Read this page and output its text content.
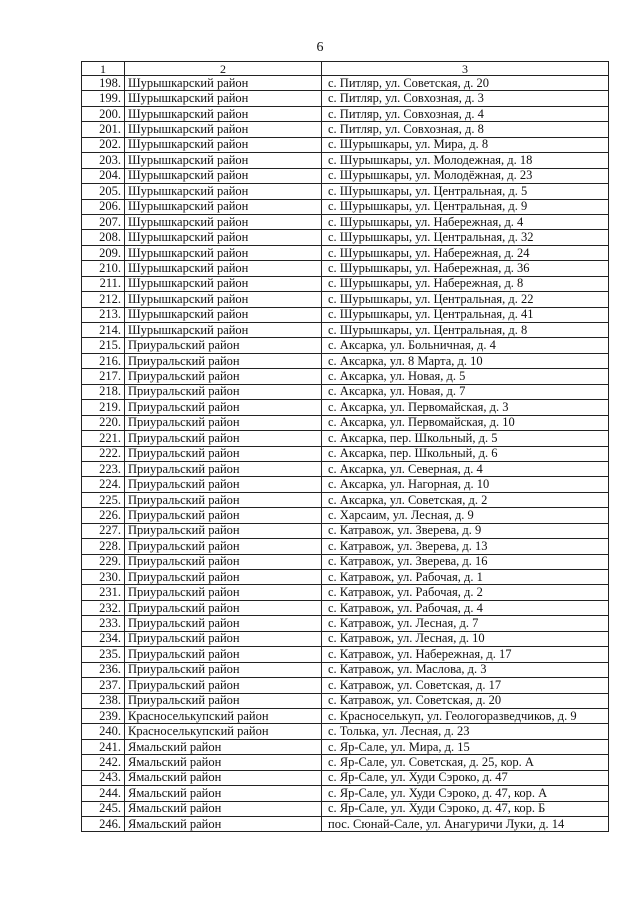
6
1	2	3
198.	Шурышкарский район	с. Питляр, ул. Советская, д. 20
199.	Шурышкарский район	с. Питляр, ул. Совхозная, д. 3
200.	Шурышкарский район	с. Питляр, ул. Совхозная, д. 4
201.	Шурышкарский район	с. Питляр, ул. Совхозная, д. 8
202.	Шурышкарский район	с. Шурышкары, ул. Мира, д. 8
203.	Шурышкарский район	с. Шурышкары, ул. Молодежная, д. 18
204.	Шурышкарский район	с. Шурышкары, ул. Молодёжная, д. 23
205.	Шурышкарский район	с. Шурышкары, ул. Центральная, д. 5
206.	Шурышкарский район	с. Шурышкары, ул. Центральная, д. 9
207.	Шурышкарский район	с. Шурышкары, ул. Набережная, д. 4
208.	Шурышкарский район	с. Шурышкары, ул. Центральная, д. 32
209.	Шурышкарский район	с. Шурышкары, ул. Набережная, д. 24
210.	Шурышкарский район	с. Шурышкары, ул. Набережная, д. 36
211.	Шурышкарский район	с. Шурышкары, ул. Набережная, д. 8
212.	Шурышкарский район	с. Шурышкары, ул. Центральная, д. 22
213.	Шурышкарский район	с. Шурышкары, ул. Центральная, д. 41
214.	Шурышкарский район	с. Шурышкары, ул. Центральная, д. 8
215.	Приуральский район	с. Аксарка, ул. Больничная, д. 4
216.	Приуральский район	с. Аксарка, ул. 8 Марта, д. 10
217.	Приуральский район	с. Аксарка, ул. Новая, д. 5
218.	Приуральский район	с. Аксарка, ул. Новая, д. 7
219.	Приуральский район	с. Аксарка, ул. Первомайская, д. 3
220.	Приуральский район	с. Аксарка, ул. Первомайская, д. 10
221.	Приуральский район	с. Аксарка, пер. Школьный, д. 5
222.	Приуральский район	с. Аксарка, пер. Школьный, д. 6
223.	Приуральский район	с. Аксарка, ул. Северная, д. 4
224.	Приуральский район	с. Аксарка, ул. Нагорная, д. 10
225.	Приуральский район	с. Аксарка, ул. Советская, д. 2
226.	Приуральский район	с. Харсаим, ул. Лесная, д. 9
227.	Приуральский район	с. Катравож, ул. Зверева, д. 9
228.	Приуральский район	с. Катравож, ул. Зверева, д. 13
229.	Приуральский район	с. Катравож, ул. Зверева, д. 16
230.	Приуральский район	с. Катравож, ул. Рабочая, д. 1
231.	Приуральский район	с. Катравож, ул. Рабочая, д. 2
232.	Приуральский район	с. Катравож, ул. Рабочая, д. 4
233.	Приуральский район	с. Катравож, ул. Лесная, д. 7
234.	Приуральский район	с. Катравож, ул. Лесная, д. 10
235.	Приуральский район	с. Катравож, ул. Набережная, д. 17
236.	Приуральский район	с. Катравож, ул. Маслова, д. 3
237.	Приуральский район	с. Катравож, ул. Советская, д. 17
238.	Приуральский район	с. Катравож, ул. Советская, д. 20
239.	Красноселькупский район	с. Красноселькуп, ул. Геологоразведчиков, д. 9
240.	Красноселькупский район	с. Толька, ул. Лесная, д. 23
241.	Ямальский район	с. Яр-Сале, ул. Мира, д. 15
242.	Ямальский район	с. Яр-Сале, ул. Советская, д. 25, кор. А
243.	Ямальский район	с. Яр-Сале, ул. Худи Сэроко, д. 47
244.	Ямальский район	с. Яр-Сале, ул. Худи Сэроко, д. 47, кор. А
245.	Ямальский район	с. Яр-Сале, ул. Худи Сэроко, д. 47, кор. Б
246.	Ямальский район	пос. Сюнай-Сале, ул. Анагуричи Луки, д. 14
